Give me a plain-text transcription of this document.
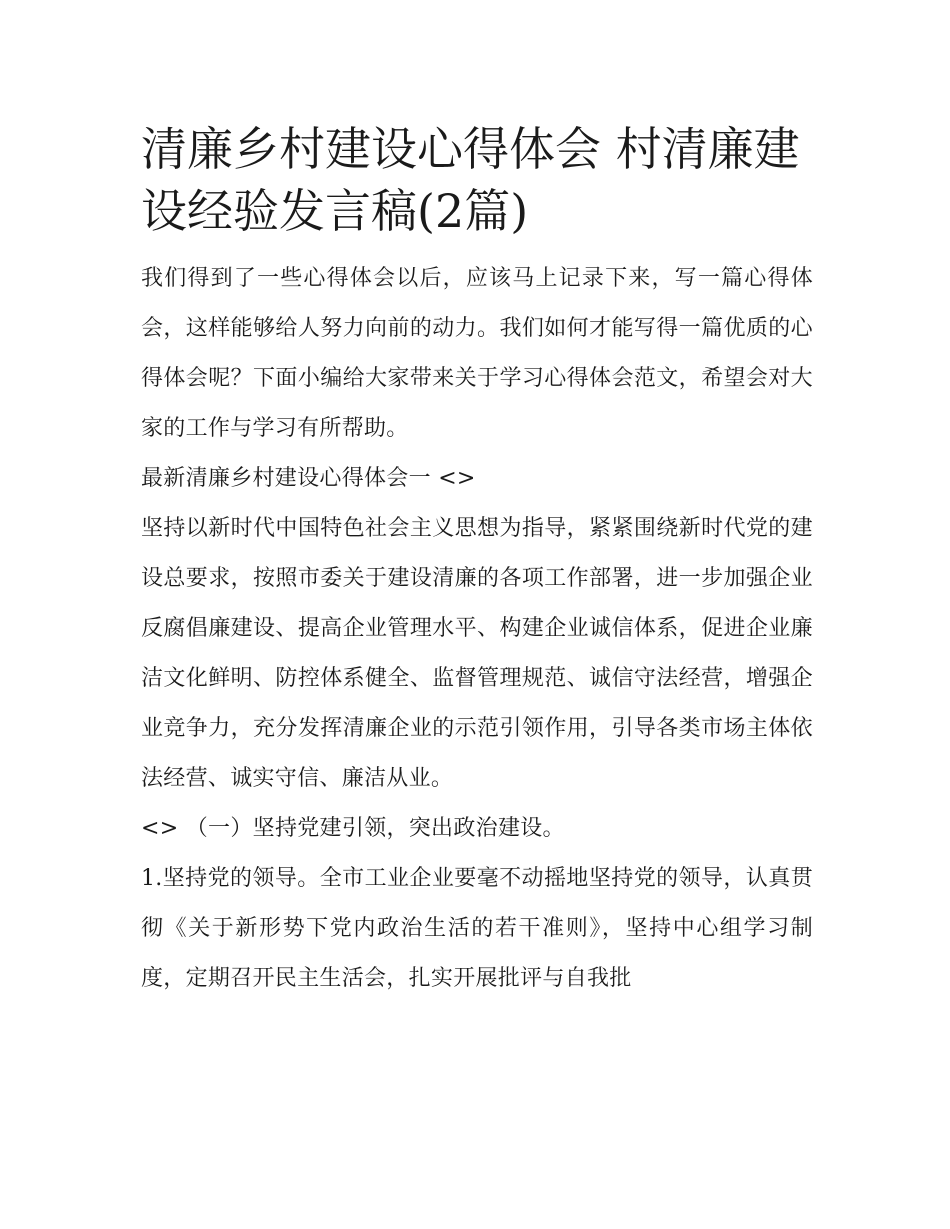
清廉乡村建设心得体会 村清廉建设经验发言稿(2篇)

我们得到了一些心得体会以后，应该马上记录下来，写一篇心得体会，这样能够给人努力向前的动力。我们如何才能写得一篇优质的心得体会呢？下面小编给大家带来关于学习心得体会范文，希望会对大家的工作与学习有所帮助。

最新清廉乡村建设心得体会一 <>

坚持以新时代中国特色社会主义思想为指导，紧紧围绕新时代党的建设总要求，按照市委关于建设清廉的各项工作部署，进一步加强企业反腐倡廉建设、提高企业管理水平、构建企业诚信体系，促进企业廉洁文化鲜明、防控体系健全、监督管理规范、诚信守法经营，增强企业竞争力，充分发挥清廉企业的示范引领作用，引导各类市场主体依法经营、诚实守信、廉洁从业。

<> （一）坚持党建引领，突出政治建设。

1.坚持党的领导。全市工业企业要毫不动摇地坚持党的领导，认真贯彻《关于新形势下党内政治生活的若干准则》，坚持中心组学习制度，定期召开民主生活会，扎实开展批评与自我批
